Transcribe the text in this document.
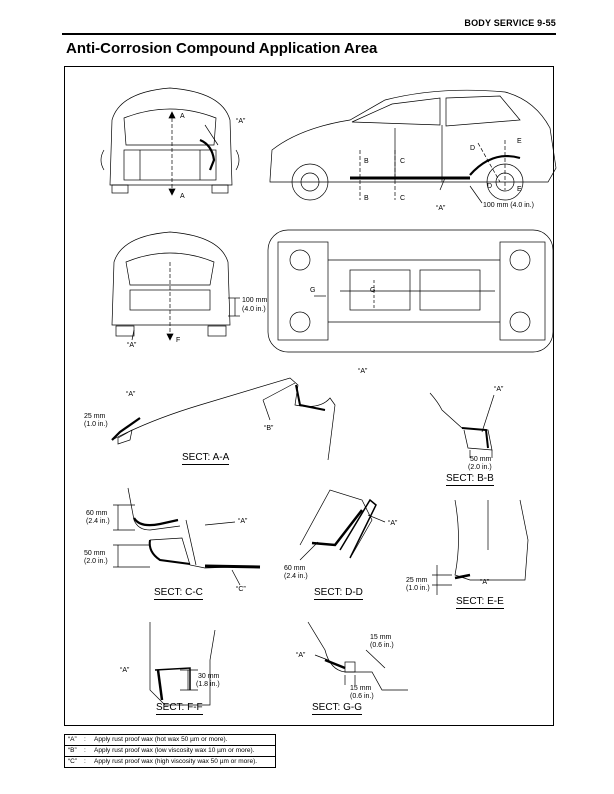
BODY SERVICE 9-55
Anti-Corrosion Compound Application Area
A
A
“A”
B
B
C
C
D
D
E
E
“A”	100 mm (4.0 in.)
100 mm
(4.0 in.)
“A”
F
G	G
“A”
25 mm
(1.0 in.)
“A”
“B”
SECT: A-A
“A”
50 mm
(2.0 in.)
SECT: B-B
60 mm
(2.4 in.)
50 mm
(2.0 in.)
“A”
“C”
SECT: C-C
“A”
60 mm
(2.4 in.)
SECT: D-D
25 mm
(1.0 in.)
“A”
SECT: E-E
“A”
30 mm
(1.8 in.)
SECT: F-F
15 mm
(0.6 in.)
“A”
15 mm
(0.6 in.)
SECT: G-G
“A”	:	Apply rust proof wax (hot wax 50 µm or more).
“B”	:	Apply rust proof wax (low viscosity wax 10 µm or more).
“C”	:	Apply rust proof wax (high viscosity wax 50 µm or more).
